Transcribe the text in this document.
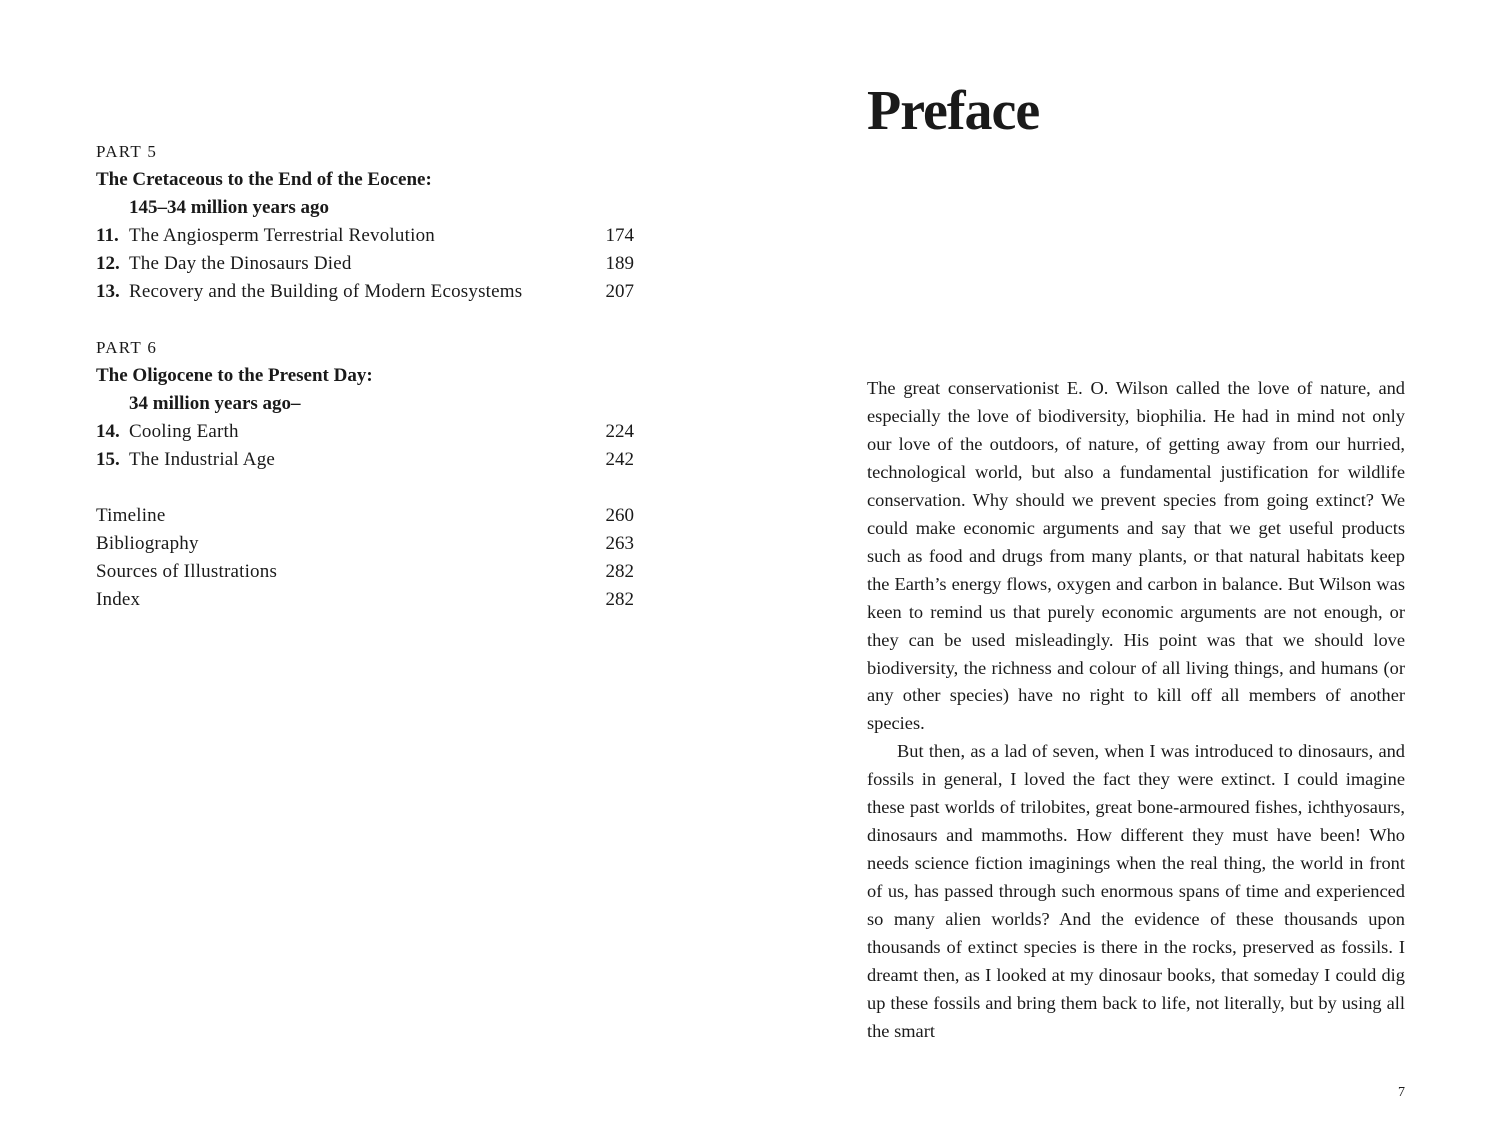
PART 5
The Cretaceous to the End of the Eocene:
145–34 million years ago
11. The Angiosperm Terrestrial Revolution	174
12. The Day the Dinosaurs Died	189
13. Recovery and the Building of Modern Ecosystems	207
PART 6
The Oligocene to the Present Day:
34 million years ago–
14. Cooling Earth	224
15. The Industrial Age	242
Timeline	260
Bibliography	263
Sources of Illustrations	282
Index	282
Preface

The great conservationist E. O. Wilson called the love of nature, and especially the love of biodiversity, biophilia. He had in mind not only our love of the outdoors, of nature, of getting away from our hurried, technological world, but also a fundamental justification for wildlife conservation. Why should we prevent species from going extinct? We could make economic arguments and say that we get useful products such as food and drugs from many plants, or that natural habitats keep the Earth’s energy flows, oxygen and carbon in balance. But Wilson was keen to remind us that purely economic arguments are not enough, or they can be used misleadingly. His point was that we should love biodiversity, the richness and colour of all living things, and humans (or any other species) have no right to kill off all members of another species.

But then, as a lad of seven, when I was introduced to dinosaurs, and fossils in general, I loved the fact they were extinct. I could imagine these past worlds of trilobites, great bone-armoured fishes, ichthyosaurs, dinosaurs and mammoths. How different they must have been! Who needs science fiction imaginings when the real thing, the world in front of us, has passed through such enormous spans of time and experienced so many alien worlds? And the evidence of these thousands upon thousands of extinct species is there in the rocks, preserved as fossils. I dreamt then, as I looked at my dinosaur books, that someday I could dig up these fossils and bring them back to life, not literally, but by using all the smart

7
